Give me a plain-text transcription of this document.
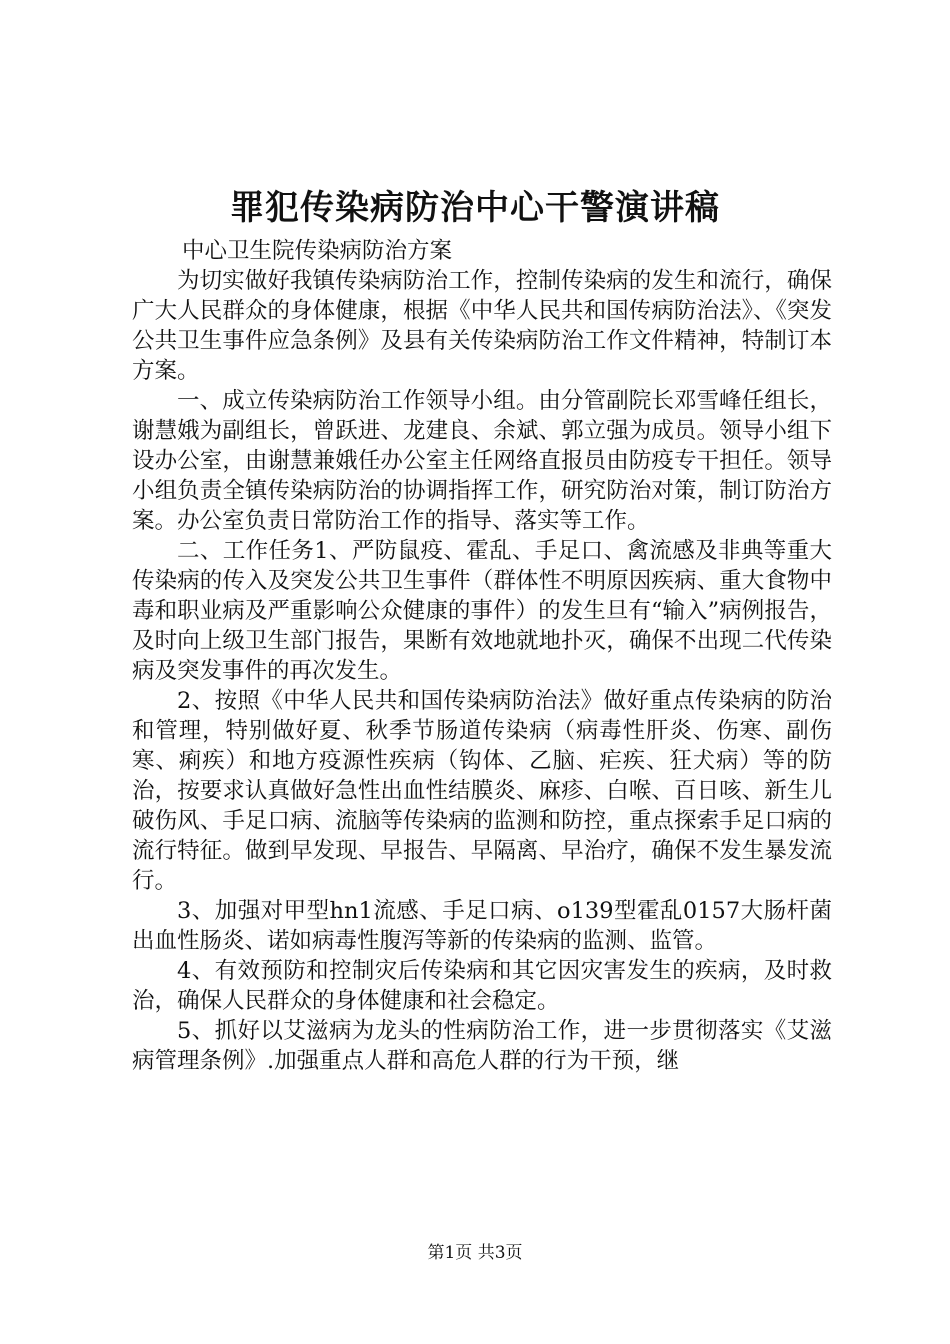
罪犯传染病防治中心干警演讲稿

中心卫生院传染病防治方案

为切实做好我镇传染病防治工作，控制传染病的发生和流行，确保广大人民群众的身体健康，根据《中华人民共和国传病防治法》、《突发公共卫生事件应急条例》及县有关传染病防治工作文件精神，特制订本方案。

一、成立传染病防治工作领导小组。由分管副院长邓雪峰任组长，谢慧娥为副组长，曾跃进、龙建良、余斌、郭立强为成员。领导小组下设办公室，由谢慧兼娥任办公室主任网络直报员由防疫专干担任。领导小组负责全镇传染病防治的协调指挥工作，研究防治对策，制订防治方案。办公室负责日常防治工作的指导、落实等工作。

二、工作任务1、严防鼠疫、霍乱、手足口、禽流感及非典等重大传染病的传入及突发公共卫生事件（群体性不明原因疾病、重大食物中毒和职业病及严重影响公众健康的事件）的发生旦有“输入”病例报告，及时向上级卫生部门报告，果断有效地就地扑灭，确保不出现二代传染病及突发事件的再次发生。

2、按照《中华人民共和国传染病防治法》做好重点传染病的防治和管理，特别做好夏、秋季节肠道传染病（病毒性肝炎、伤寒、副伤寒、痢疾）和地方疫源性疾病（钩体、乙脑、疟疾、狂犬病）等的防治，按要求认真做好急性出血性结膜炎、麻疹、白喉、百日咳、新生儿破伤风、手足口病、流脑等传染病的监测和防控，重点探索手足口病的流行特征。做到早发现、早报告、早隔离、早治疗，确保不发生暴发流行。

3、加强对甲型hn1流感、手足口病、o139型霍乱0157大肠杆菌出血性肠炎、诺如病毒性腹泻等新的传染病的监测、监管。

4、有效预防和控制灾后传染病和其它因灾害发生的疾病，及时救治，确保人民群众的身体健康和社会稳定。

5、抓好以艾滋病为龙头的性病防治工作，进一步贯彻落实《艾滋病管理条例》.加强重点人群和高危人群的行为干预，继

第1页 共3页
